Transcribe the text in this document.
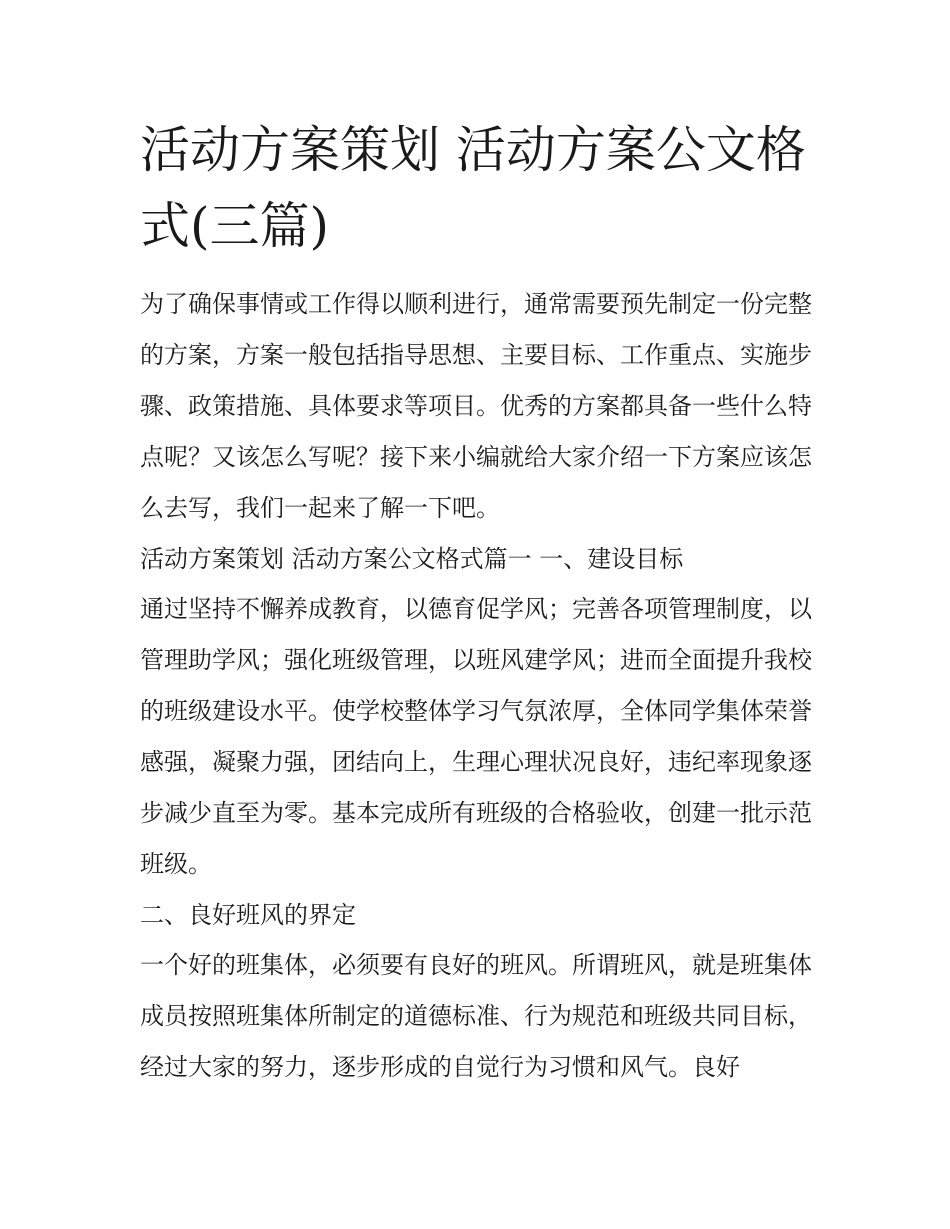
活动方案策划 活动方案公文格式(三篇)

为了确保事情或工作得以顺利进行，通常需要预先制定一份完整的方案，方案一般包括指导思想、主要目标、工作重点、实施步骤、政策措施、具体要求等项目。优秀的方案都具备一些什么特点呢？又该怎么写呢？接下来小编就给大家介绍一下方案应该怎么去写，我们一起来了解一下吧。

活动方案策划 活动方案公文格式篇一 一、建设目标

通过坚持不懈养成教育，以德育促学风；完善各项管理制度，以管理助学风；强化班级管理，以班风建学风；进而全面提升我校的班级建设水平。使学校整体学习气氛浓厚，全体同学集体荣誉感强，凝聚力强，团结向上，生理心理状况良好，违纪率现象逐步减少直至为零。基本完成所有班级的合格验收，创建一批示范班级。

二、良好班风的界定

一个好的班集体，必须要有良好的班风。所谓班风，就是班集体成员按照班集体所制定的道德标准、行为规范和班级共同目标，经过大家的努力，逐步形成的自觉行为习惯和风气。良好
